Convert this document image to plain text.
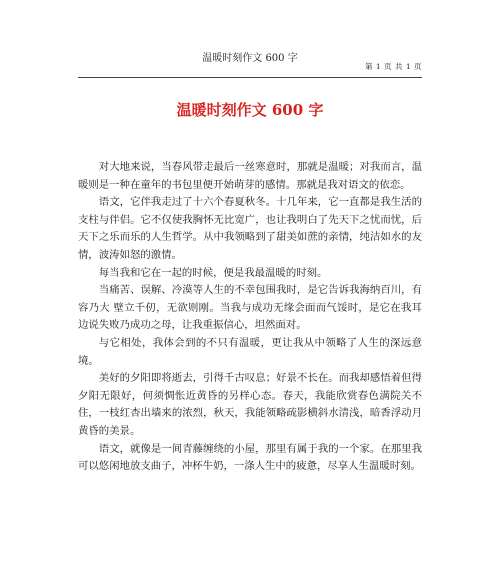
温暖时刻作文 600 字
第 1 页 共 1 页
温暖时刻作文 600 字

对大地来说，当春风带走最后一丝寒意时，那就是温暖；对我而言，温暖则是一种在童年的书包里便开始萌芽的感情。那就是我对语文的依恋。

语文，它伴我走过了十六个春夏秋冬。十几年来，它一直都是我生活的支柱与伴侣。它不仅使我胸怀无比宽广，也让我明白了先天下之忧而忧，后天下之乐而乐的人生哲学。从中我领略到了甜美如蔗的亲情，纯洁如水的友情，波涛如怒的激情。

每当我和它在一起的时候，便是我最温暖的时刻。

当痛苦、误解、冷漠等人生的不幸包围我时，是它告诉我海纳百川，有容乃大 壁立千仞，无欲则刚。当我与成功无缘会面而气馁时，是它在我耳边说失败乃成功之母，让我重振信心，坦然面对。

与它相处，我体会到的不只有温暖，更让我从中领略了人生的深远意境。

美好的夕阳即将逝去，引得千古叹息；好景不长在。而我却感悟着但得夕阳无限好，何须惆怅近黄昏的另样心态。春天，我能欣赏春色满院关不住，一枝红杏出墙来的浓烈，秋天，我能领略疏影横斜水清浅，暗香浮动月黄昏的美景。

语文，就像是一间青藤缠绕的小屋，那里有属于我的一个家。在那里我可以悠闲地放支曲子，冲杯牛奶，一涤人生中的疲惫，尽享人生温暖时刻。
